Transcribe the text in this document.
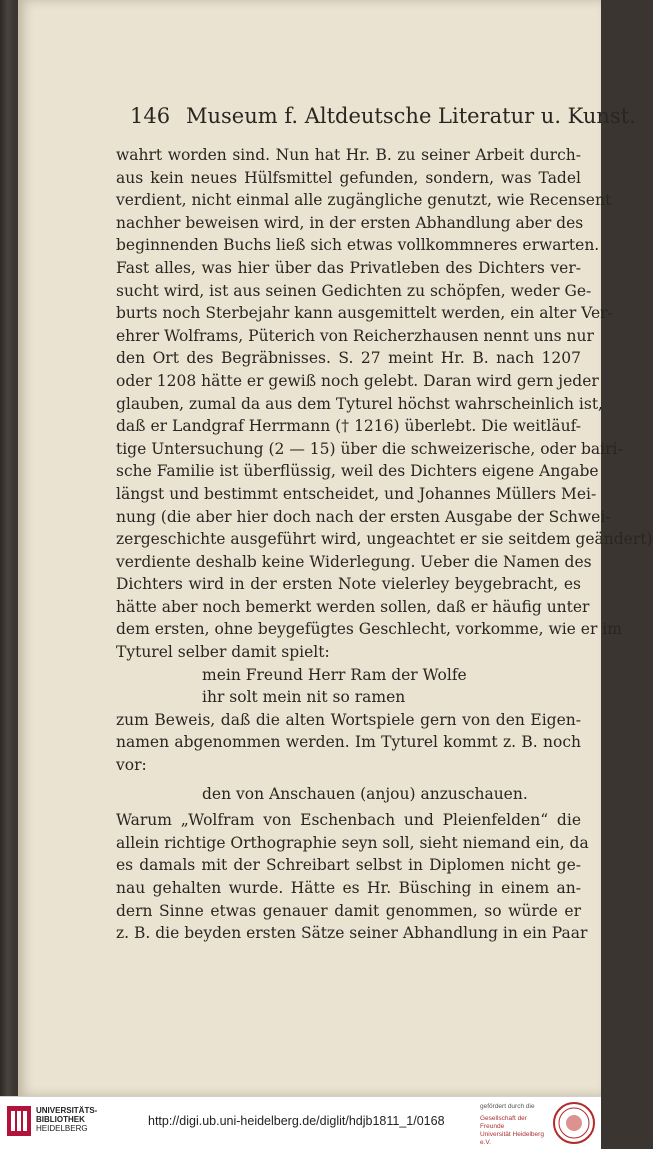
146 Museum f. Altdeutsche Literatur u. Kunst.
wahrt worden sind. Nun hat Hr. B. zu seiner Arbeit durch-
aus kein neues Hülfsmittel gefunden, sondern, was Tadel
verdient, nicht einmal alle zugängliche genutzt, wie Recensent
nachher beweisen wird, in der ersten Abhandlung aber des
beginnenden Buchs ließ sich etwas vollkommneres erwarten.
Fast alles, was hier über das Privatleben des Dichters ver-
sucht wird, ist aus seinen Gedichten zu schöpfen, weder Ge-
burts noch Sterbejahr kann ausgemittelt werden, ein alter Ver-
ehrer Wolframs, Püterich von Reicherzhausen nennt uns nur
den Ort des Begräbnisses. S. 27 meint Hr. B. nach 1207
oder 1208 hätte er gewiß noch gelebt. Daran wird gern jeder
glauben, zumal da aus dem Tyturel höchst wahrscheinlich ist,
daß er Landgraf Herrmann († 1216) überlebt. Die weitläuf-
tige Untersuchung (2 — 15) über die schweizerische, oder bairi-
sche Familie ist überflüssig, weil des Dichters eigene Angabe
längst und bestimmt entscheidet, und Johannes Müllers Mei-
nung (die aber hier doch nach der ersten Ausgabe der Schwei-
zergeschichte ausgeführt wird, ungeachtet er sie seitdem geändert)
verdiente deshalb keine Widerlegung. Ueber die Namen des
Dichters wird in der ersten Note vielerley beygebracht, es
hätte aber noch bemerkt werden sollen, daß er häufig unter
dem ersten, ohne beygefügtes Geschlecht, vorkomme, wie er im
Tyturel selber damit spielt:
mein Freund Herr Ram der Wolfe
ihr solt mein nit so ramen
zum Beweis, daß die alten Wortspiele gern von den Eigen-
namen abgenommen werden. Im Tyturel kommt z. B. noch
vor:
den von Anschauen (anjou) anzuschauen.
Warum „Wolfram von Eschenbach und Pleienfelden“ die
allein richtige Orthographie seyn soll, sieht niemand ein, da
es damals mit der Schreibart selbst in Diplomen nicht ge-
nau gehalten wurde. Hätte es Hr. Büsching in einem an-
dern Sinne etwas genauer damit genommen, so würde er
z. B. die beyden ersten Sätze seiner Abhandlung in ein Paar
UNIVERSITÄTS-
BIBLIOTHEK
HEIDELBERG
http://digi.ub.uni-heidelberg.de/diglit/hdjb1811_1/0168
gefördert durch die
Gesellschaft der Freunde
Universität Heidelberg e.V.
